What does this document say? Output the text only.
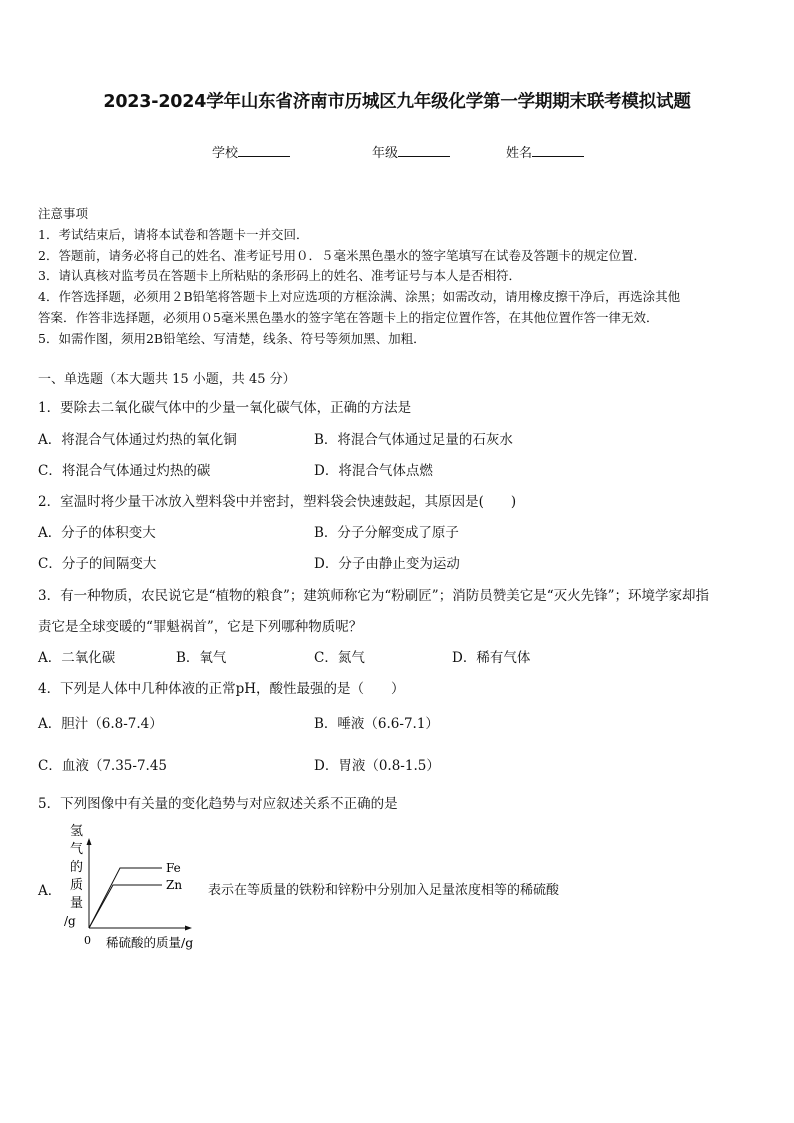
2023-2024学年山东省济南市历城区九年级化学第一学期期末联考模拟试题
学校	年级	姓名
注意事项
1．考试结束后，请将本试卷和答题卡一并交回．
2．答题前，请务必将自己的姓名、准考证号用０．５毫米黑色墨水的签字笔填写在试卷及答题卡的规定位置．
3．请认真核对监考员在答题卡上所粘贴的条形码上的姓名、准考证号与本人是否相符．
4．作答选择题，必须用２B铅笔将答题卡上对应选项的方框涂满、涂黑；如需改动，请用橡皮擦干净后，再选涂其他
答案．作答非选择题，必须用０5毫米黑色墨水的签字笔在答题卡上的指定位置作答，在其他位置作答一律无效．
5．如需作图，须用2B铅笔绘、写清楚，线条、符号等须加黑、加粗．
一、单选题（本大题共 15 小题，共 45 分）
1．要除去二氧化碳气体中的少量一氧化碳气体，正确的方法是
A．将混合气体通过灼热的氧化铜	B．将混合气体通过足量的石灰水
C．将混合气体通过灼热的碳	D．将混合气体点燃
2．室温时将少量干冰放入塑料袋中并密封，塑料袋会快速鼓起，其原因是(　　)
A．分子的体积变大	B．分子分解变成了原子
C．分子的间隔变大	D．分子由静止变为运动
3．有一种物质，农民说它是“植物的粮食”；建筑师称它为“粉刷匠”；消防员赞美它是“灭火先锋”；环境学家却指
责它是全球变暖的“罪魁祸首”，它是下列哪种物质呢？
A．二氧化碳	B．氧气	C．氮气	D．稀有气体
4．下列是人体中几种体液的正常pH，酸性最强的是（　　）
A．胆汁（6.8-7.4）	B．唾液（6.6-7.1）
C．血液（7.35-7.45	D．胃液（0.8-1.5）
5．下列图像中有关量的变化趋势与对应叙述关系不正确的是
A．
氢
气
的
质
量
/g
Fe
Zn
0 稀硫酸的质量/g
表示在等质量的铁粉和锌粉中分别加入足量浓度相等的稀硫酸
